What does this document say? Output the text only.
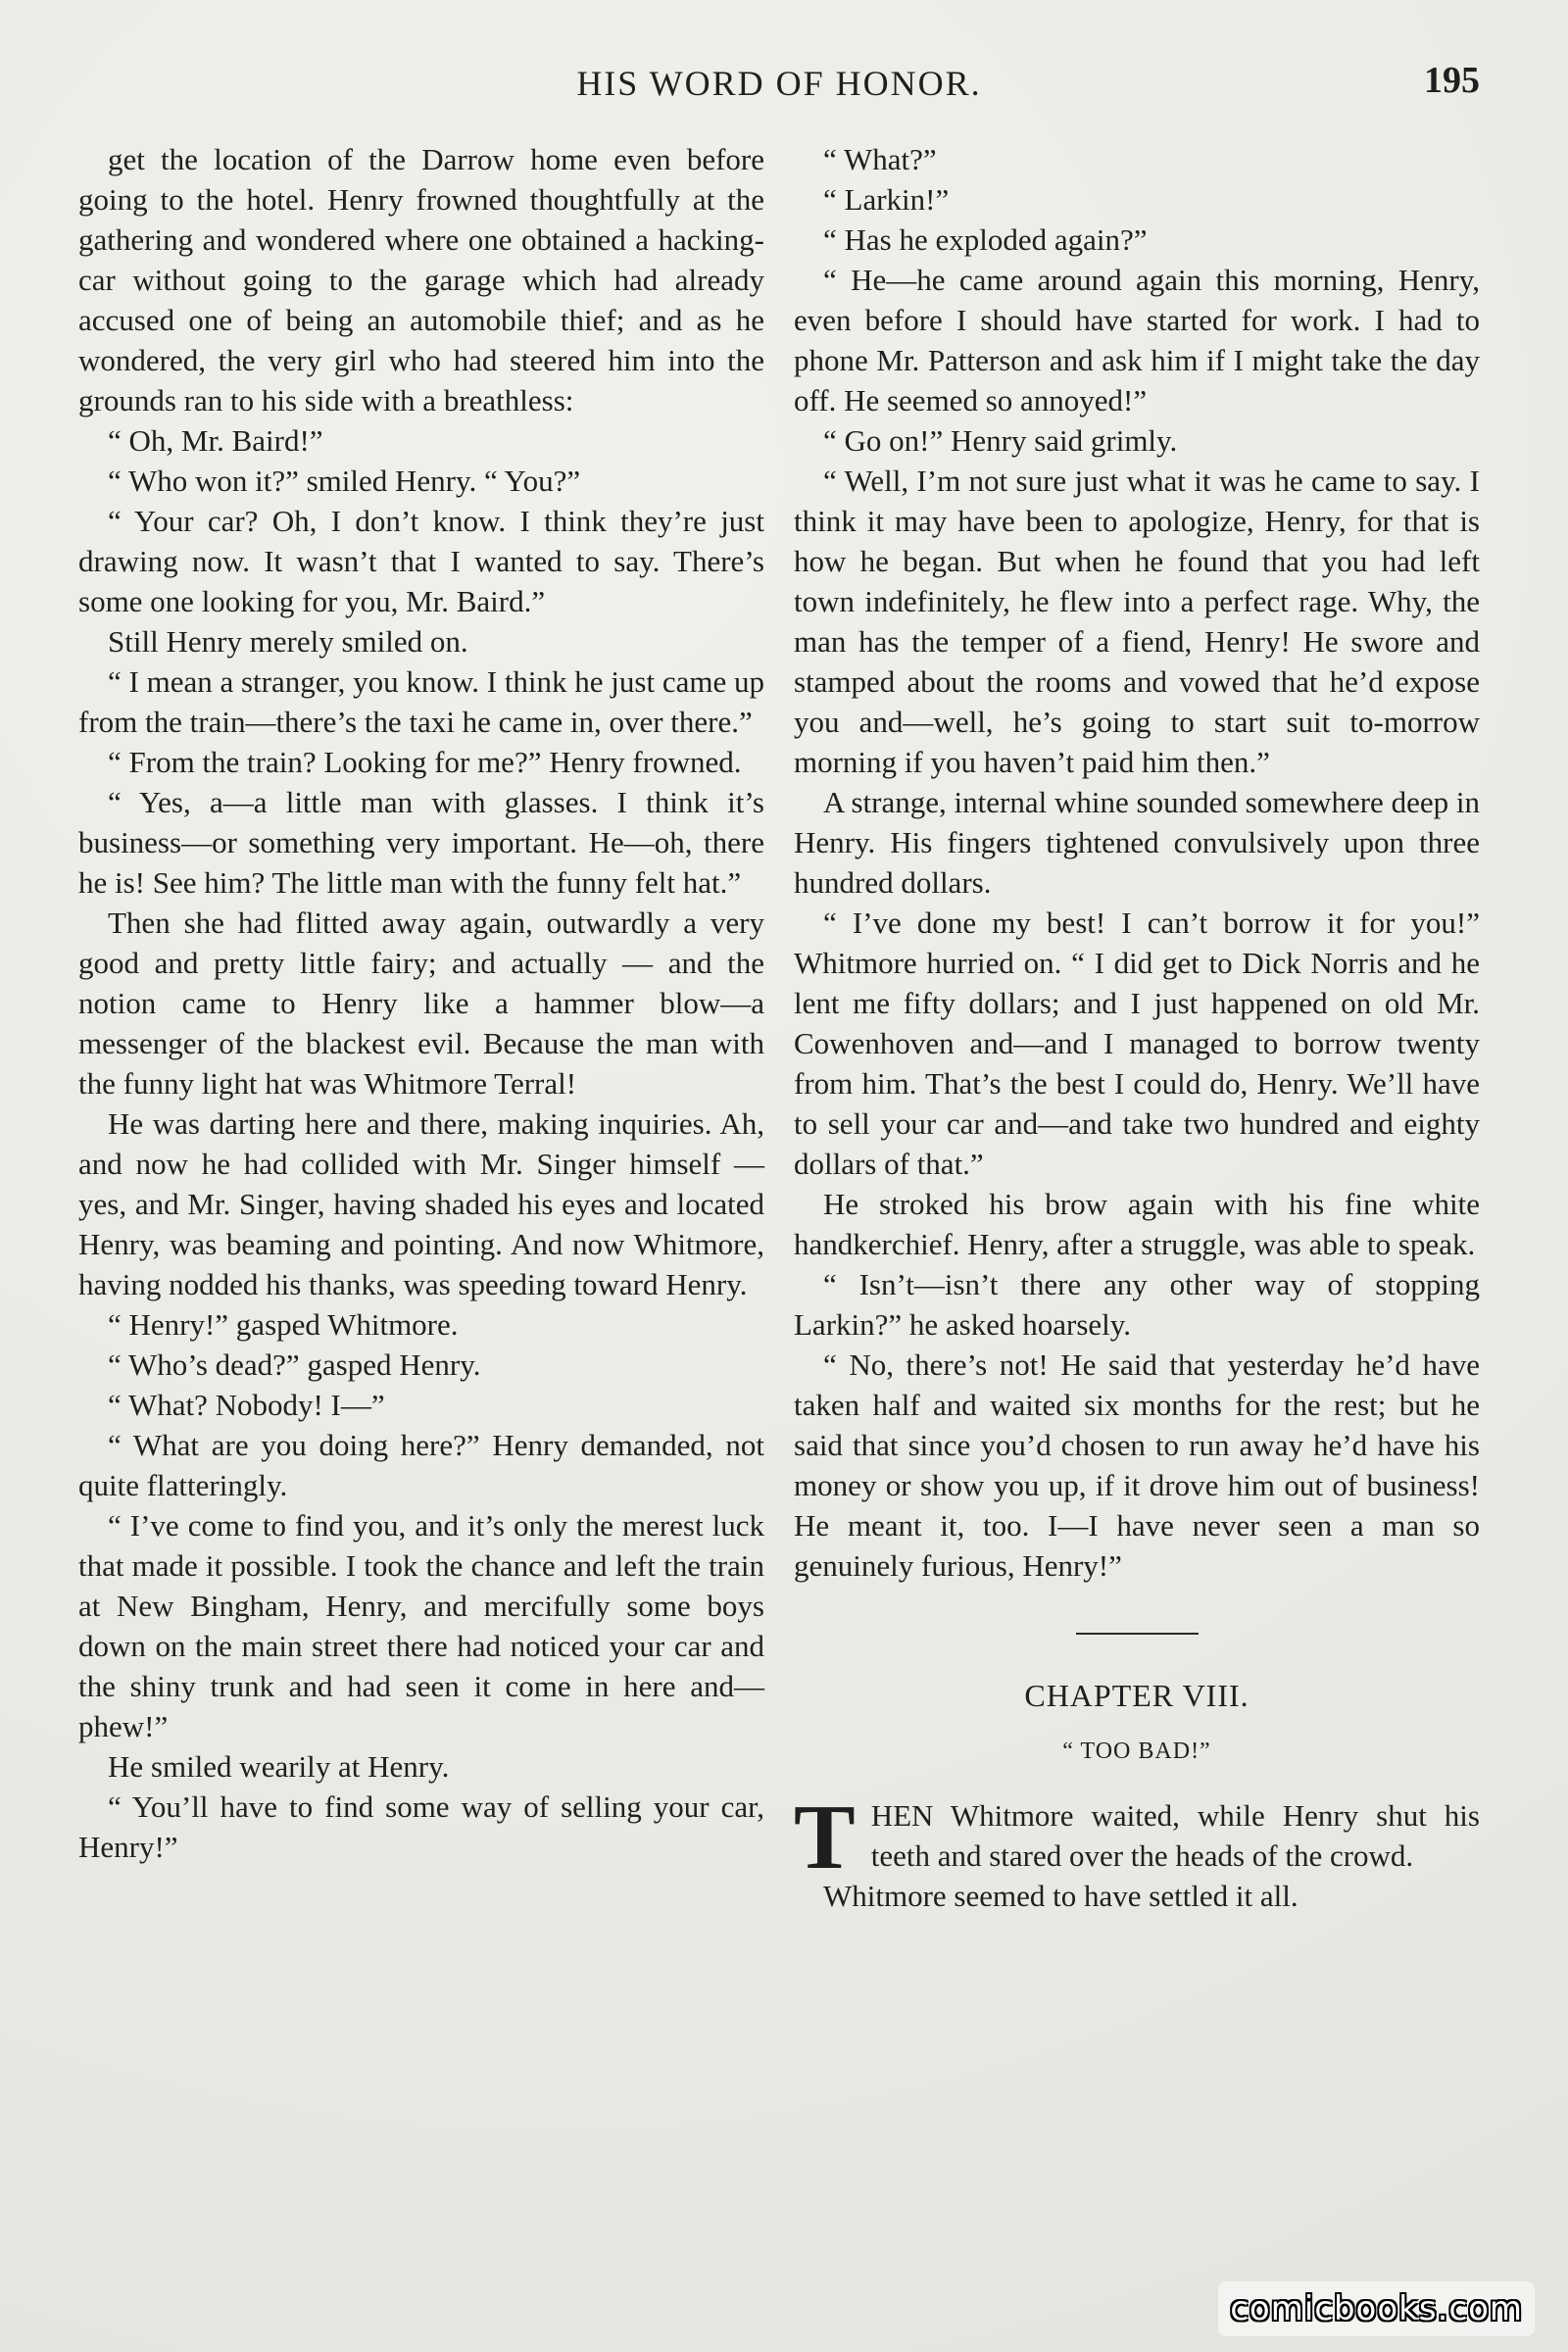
HIS WORD OF HONOR.	195

get the location of the Darrow home even before going to the hotel. Henry frowned thoughtfully at the gathering and wondered where one obtained a hacking-car without going to the garage which had already accused one of being an automobile thief; and as he wondered, the very girl who had steered him into the grounds ran to his side with a breathless:

“ Oh, Mr. Baird!”

“ Who won it?” smiled Henry. “ You?”

“ Your car? Oh, I don’t know. I think they’re just drawing now. It wasn’t that I wanted to say. There’s some one looking for you, Mr. Baird.”

Still Henry merely smiled on.

“ I mean a stranger, you know. I think he just came up from the train—there’s the taxi he came in, over there.”

“ From the train? Looking for me?” Henry frowned.

“ Yes, a—a little man with glasses. I think it’s business—or something very important. He—oh, there he is! See him? The little man with the funny felt hat.”

Then she had flitted away again, outwardly a very good and pretty little fairy; and actually — and the notion came to Henry like a hammer blow—a messenger of the blackest evil. Because the man with the funny light hat was Whitmore Terral!

He was darting here and there, making inquiries. Ah, and now he had collided with Mr. Singer himself — yes, and Mr. Singer, having shaded his eyes and located Henry, was beaming and pointing. And now Whitmore, having nodded his thanks, was speeding toward Henry.

“ Henry!” gasped Whitmore.

“ Who’s dead?” gasped Henry.

“ What? Nobody! I—”

“ What are you doing here?” Henry demanded, not quite flatteringly.

“ I’ve come to find you, and it’s only the merest luck that made it possible. I took the chance and left the train at New Bingham, Henry, and mercifully some boys down on the main street there had noticed your car and the shiny trunk and had seen it come in here and—phew!”

He smiled wearily at Henry.

“ You’ll have to find some way of selling your car, Henry!”

“ What?”

“ Larkin!”

“ Has he exploded again?”

“ He—he came around again this morning, Henry, even before I should have started for work. I had to phone Mr. Patterson and ask him if I might take the day off. He seemed so annoyed!”

“ Go on!” Henry said grimly.

“ Well, I’m not sure just what it was he came to say. I think it may have been to apologize, Henry, for that is how he began. But when he found that you had left town indefinitely, he flew into a perfect rage. Why, the man has the temper of a fiend, Henry! He swore and stamped about the rooms and vowed that he’d expose you and—well, he’s going to start suit to-morrow morning if you haven’t paid him then.”

A strange, internal whine sounded somewhere deep in Henry. His fingers tightened convulsively upon three hundred dollars.

“ I’ve done my best! I can’t borrow it for you!” Whitmore hurried on. “ I did get to Dick Norris and he lent me fifty dollars; and I just happened on old Mr. Cowenhoven and—and I managed to borrow twenty from him. That’s the best I could do, Henry. We’ll have to sell your car and—and take two hundred and eighty dollars of that.”

He stroked his brow again with his fine white handkerchief. Henry, after a struggle, was able to speak.

“ Isn’t—isn’t there any other way of stopping Larkin?” he asked hoarsely.

“ No, there’s not! He said that yesterday he’d have taken half and waited six months for the rest; but he said that since you’d chosen to run away he’d have his money or show you up, if it drove him out of business! He meant it, too. I—I have never seen a man so genuinely furious, Henry!”

CHAPTER VIII.

“ TOO BAD!”

T HEN Whitmore waited, while Henry shut his teeth and stared over the heads of the crowd.

Whitmore seemed to have settled it all.

comicbooks.com
